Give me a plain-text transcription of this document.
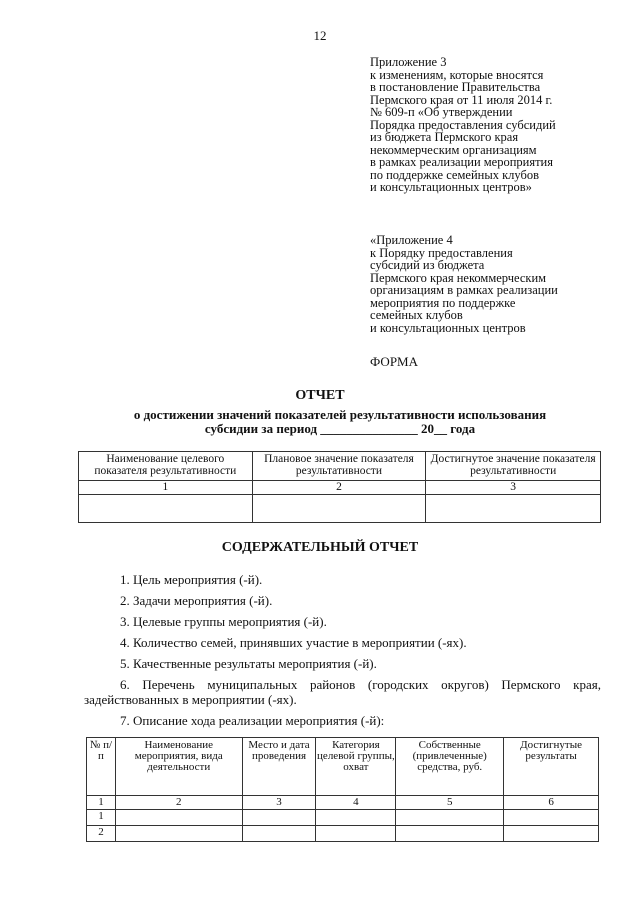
12
Приложение 3
к изменениям, которые вносятся
в постановление Правительства
Пермского края от 11 июля 2014 г.
№ 609-п «Об утверждении
Порядка предоставления субсидий
из бюджета Пермского края
некоммерческим организациям
в рамках реализации мероприятия
по поддержке семейных клубов
и консультационных центров»
«Приложение 4
к Порядку предоставления
субсидий из бюджета
Пермского края некоммерческим
организациям в рамках реализации
мероприятия по поддержке
семейных клубов
и консультационных центров
ФОРМА
ОТЧЕТ
о достижении значений показателей результативности использования
субсидии за период _______________ 20__ года
Наименование целевого показателя результативности	Плановое значение показателя результативности	Достигнутое значение показателя результативности
1	2	3

СОДЕРЖАТЕЛЬНЫЙ ОТЧЕТ
1. Цель мероприятия (-й).
2. Задачи мероприятия (-й).
3. Целевые группы мероприятия (-й).
4. Количество семей, принявших участие в мероприятии (-ях).
5. Качественные результаты мероприятия (-й).
6. Перечень муниципальных районов (городских округов) Пермского края, задействованных в мероприятии (-ях).
7. Описание хода реализации мероприятия (-й):
№ п/п	Наименование мероприятия, вида деятельности	Место и дата проведения	Категория целевой группы, охват	Собственные (привлеченные) средства, руб.	Достигнутые результаты
1	2	3	4	5	6
1					
2					
